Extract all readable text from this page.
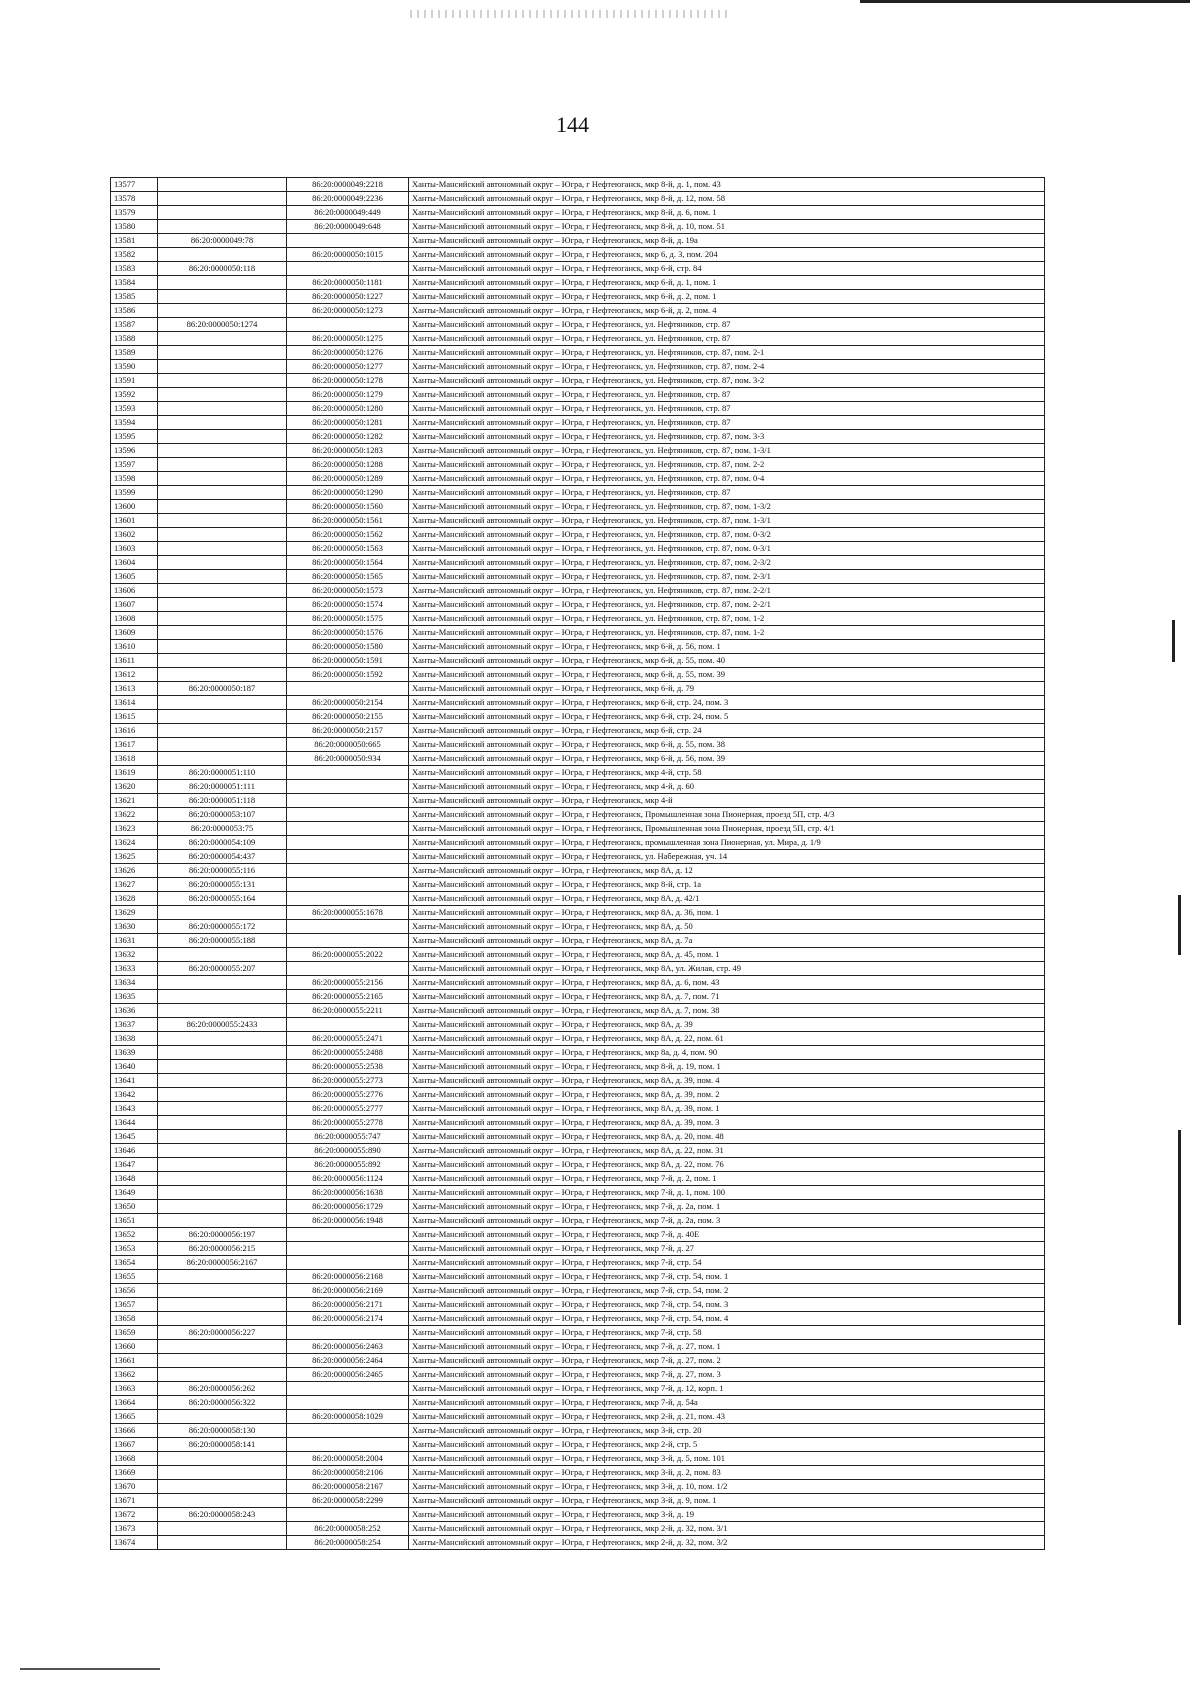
144
13577		86:20:0000049:2218	Ханты-Мансийский автономный округ – Югра, г Нефтеюганск, мкр 8-й, д. 1, пом. 43
13578		86:20:0000049:2236	Ханты-Мансийский автономный округ – Югра, г Нефтеюганск, мкр 8-й, д. 12, пом. 58
13579		86:20:0000049:449	Ханты-Мансийский автономный округ – Югра, г Нефтеюганск, мкр 8-й, д. 6, пом. 1
13580		86:20:0000049:648	Ханты-Мансийский автономный округ – Югра, г Нефтеюганск, мкр 8-й, д. 10, пом. 51
13581	86:20:0000049:78		Ханты-Мансийский автономный округ – Югра, г Нефтеюганск, мкр 8-й, д. 19а
13582		86:20:0000050:1015	Ханты-Мансийский автономный округ – Югра, г Нефтеюганск, мкр 6, д. 3, пом. 204
13583	86:20:0000050:118		Ханты-Мансийский автономный округ – Югра, г Нефтеюганск, мкр 6-й, стр. 84
13584		86:20:0000050:1181	Ханты-Мансийский автономный округ – Югра, г Нефтеюганск, мкр 6-й, д. 1, пом. 1
13585		86:20:0000050:1227	Ханты-Мансийский автономный округ – Югра, г Нефтеюганск, мкр 6-й, д. 2, пом. 1
13586		86:20:0000050:1273	Ханты-Мансийский автономный округ – Югра, г Нефтеюганск, мкр 6-й, д. 2, пом. 4
13587	86:20:0000050:1274		Ханты-Мансийский автономный округ – Югра, г Нефтеюганск, ул. Нефтяников, стр. 87
13588		86:20:0000050:1275	Ханты-Мансийский автономный округ – Югра, г Нефтеюганск, ул. Нефтяников, стр. 87
13589		86:20:0000050:1276	Ханты-Мансийский автономный округ – Югра, г Нефтеюганск, ул. Нефтяников, стр. 87, пом. 2-1
13590		86:20:0000050:1277	Ханты-Мансийский автономный округ – Югра, г Нефтеюганск, ул. Нефтяников, стр. 87, пом. 2-4
13591		86:20:0000050:1278	Ханты-Мансийский автономный округ – Югра, г Нефтеюганск, ул. Нефтяников, стр. 87, пом. 3-2
13592		86:20:0000050:1279	Ханты-Мансийский автономный округ – Югра, г Нефтеюганск, ул. Нефтяников, стр. 87
13593		86:20:0000050:1280	Ханты-Мансийский автономный округ – Югра, г Нефтеюганск, ул. Нефтяников, стр. 87
13594		86:20:0000050:1281	Ханты-Мансийский автономный округ – Югра, г Нефтеюганск, ул. Нефтяников, стр. 87
13595		86:20:0000050:1282	Ханты-Мансийский автономный округ – Югра, г Нефтеюганск, ул. Нефтяников, стр. 87, пом. 3-3
13596		86:20:0000050:1283	Ханты-Мансийский автономный округ – Югра, г Нефтеюганск, ул. Нефтяников, стр. 87, пом. 1-3/1
13597		86:20:0000050:1288	Ханты-Мансийский автономный округ – Югра, г Нефтеюганск, ул. Нефтяников, стр. 87, пом. 2-2
13598		86:20:0000050:1289	Ханты-Мансийский автономный округ – Югра, г Нефтеюганск, ул. Нефтяников, стр. 87, пом. 0-4
13599		86:20:0000050:1290	Ханты-Мансийский автономный округ – Югра, г Нефтеюганск, ул. Нефтяников, стр. 87
13600		86:20:0000050:1560	Ханты-Мансийский автономный округ – Югра, г Нефтеюганск, ул. Нефтяников, стр. 87, пом. 1-3/2
13601		86:20:0000050:1561	Ханты-Мансийский автономный округ – Югра, г Нефтеюганск, ул. Нефтяников, стр. 87, пом. 1-3/1
13602		86:20:0000050:1562	Ханты-Мансийский автономный округ – Югра, г Нефтеюганск, ул. Нефтяников, стр. 87, пом. 0-3/2
13603		86:20:0000050:1563	Ханты-Мансийский автономный округ – Югра, г Нефтеюганск, ул. Нефтяников, стр. 87, пом. 0-3/1
13604		86:20:0000050:1564	Ханты-Мансийский автономный округ – Югра, г Нефтеюганск, ул. Нефтяников, стр. 87, пом. 2-3/2
13605		86:20:0000050:1565	Ханты-Мансийский автономный округ – Югра, г Нефтеюганск, ул. Нефтяников, стр. 87, пом. 2-3/1
13606		86:20:0000050:1573	Ханты-Мансийский автономный округ – Югра, г Нефтеюганск, ул. Нефтяников, стр. 87, пом. 2-2/1
13607		86:20:0000050:1574	Ханты-Мансийский автономный округ – Югра, г Нефтеюганск, ул. Нефтяников, стр. 87, пом. 2-2/1
13608		86:20:0000050:1575	Ханты-Мансийский автономный округ – Югра, г Нефтеюганск, ул. Нефтяников, стр. 87, пом. 1-2
13609		86:20:0000050:1576	Ханты-Мансийский автономный округ – Югра, г Нефтеюганск, ул. Нефтяников, стр. 87, пом. 1-2
13610		86:20:0000050:1580	Ханты-Мансийский автономный округ – Югра, г Нефтеюганск, мкр 6-й, д. 56, пом. 1
13611		86:20:0000050:1591	Ханты-Мансийский автономный округ – Югра, г Нефтеюганск, мкр 6-й, д. 55, пом. 40
13612		86:20:0000050:1592	Ханты-Мансийский автономный округ – Югра, г Нефтеюганск, мкр 6-й, д. 55, пом. 39
13613	86:20:0000050:187		Ханты-Мансийский автономный округ – Югра, г Нефтеюганск, мкр 6-й, д. 79
13614		86:20:0000050:2154	Ханты-Мансийский автономный округ – Югра, г Нефтеюганск, мкр 6-й, стр. 24, пом. 3
13615		86:20:0000050:2155	Ханты-Мансийский автономный округ – Югра, г Нефтеюганск, мкр 6-й, стр. 24, пом. 5
13616		86:20:0000050:2157	Ханты-Мансийский автономный округ – Югра, г Нефтеюганск, мкр 6-й, стр. 24
13617		86:20:0000050:665	Ханты-Мансийский автономный округ – Югра, г Нефтеюганск, мкр 6-й, д. 55, пом. 38
13618		86:20:0000050:934	Ханты-Мансийский автономный округ – Югра, г Нефтеюганск, мкр 6-й, д. 56, пом. 39
13619	86:20:0000051:110		Ханты-Мансийский автономный округ – Югра, г Нефтеюганск, мкр 4-й, стр. 58
13620	86:20:0000051:111		Ханты-Мансийский автономный округ – Югра, г Нефтеюганск, мкр 4-й, д. 60
13621	86:20:0000051:118		Ханты-Мансийский автономный округ – Югра, г Нефтеюганск, мкр 4-й
13622	86:20:0000053:107		Ханты-Мансийский автономный округ – Югра, г Нефтеюганск, Промышленная зона Пионерная, проезд 5П, стр. 4/3
13623	86:20:0000053:75		Ханты-Мансийский автономный округ – Югра, г Нефтеюганск, Промышленная зона Пионерная, проезд 5П, стр. 4/1
13624	86:20:0000054:109		Ханты-Мансийский автономный округ – Югра, г Нефтеюганск, промышленная зона Пионерная, ул. Мира, д. 1/9
13625	86:20:0000054:437		Ханты-Мансийский автономный округ – Югра, г Нефтеюганск, ул. Набережная, уч. 14
13626	86:20:0000055:116		Ханты-Мансийский автономный округ – Югра, г Нефтеюганск, мкр 8А, д. 12
13627	86:20:0000055:131		Ханты-Мансийский автономный округ – Югра, г Нефтеюганск, мкр 8-й, стр. 1а
13628	86:20:0000055:164		Ханты-Мансийский автономный округ – Югра, г Нефтеюганск, мкр 8А, д. 42/1
13629		86:20:0000055:1678	Ханты-Мансийский автономный округ – Югра, г Нефтеюганск, мкр 8А, д. 36, пом. 1
13630	86:20:0000055:172		Ханты-Мансийский автономный округ – Югра, г Нефтеюганск, мкр 8А, д. 50
13631	86:20:0000055:188		Ханты-Мансийский автономный округ – Югра, г Нефтеюганск, мкр 8А, д. 7а
13632		86:20:0000055:2022	Ханты-Мансийский автономный округ – Югра, г Нефтеюганск, мкр 8А, д. 45, пом. 1
13633	86:20:0000055:207		Ханты-Мансийский автономный округ – Югра, г Нефтеюганск, мкр 8А, ул. Жилая, стр. 49
13634		86:20:0000055:2156	Ханты-Мансийский автономный округ – Югра, г Нефтеюганск, мкр 8А, д. 6, пом. 43
13635		86:20:0000055:2165	Ханты-Мансийский автономный округ – Югра, г Нефтеюганск, мкр 8А, д. 7, пом. 71
13636		86:20:0000055:2211	Ханты-Мансийский автономный округ – Югра, г Нефтеюганск, мкр 8А, д. 7, пом. 38
13637	86:20:0000055:2433		Ханты-Мансийский автономный округ – Югра, г Нефтеюганск, мкр 8А, д. 39
13638		86:20:0000055:2471	Ханты-Мансийский автономный округ – Югра, г Нефтеюганск, мкр 8А, д. 22, пом. 61
13639		86:20:0000055:2488	Ханты-Мансийский автономный округ – Югра, г Нефтеюганск, мкр 8а, д. 4, пом. 90
13640		86:20:0000055:2538	Ханты-Мансийский автономный округ – Югра, г Нефтеюганск, мкр 8-й, д. 19, пом. 1
13641		86:20:0000055:2773	Ханты-Мансийский автономный округ – Югра, г Нефтеюганск, мкр 8А, д. 39, пом. 4
13642		86:20:0000055:2776	Ханты-Мансийский автономный округ – Югра, г Нефтеюганск, мкр 8А, д. 39, пом. 2
13643		86:20:0000055:2777	Ханты-Мансийский автономный округ – Югра, г Нефтеюганск, мкр 8А, д. 39, пом. 1
13644		86:20:0000055:2778	Ханты-Мансийский автономный округ – Югра, г Нефтеюганск, мкр 8А, д. 39, пом. 3
13645		86:20:0000055:747	Ханты-Мансийский автономный округ – Югра, г Нефтеюганск, мкр 8А, д. 20, пом. 48
13646		86:20:0000055:890	Ханты-Мансийский автономный округ – Югра, г Нефтеюганск, мкр 8А, д. 22, пом. 31
13647		86:20:0000055:892	Ханты-Мансийский автономный округ – Югра, г Нефтеюганск, мкр 8А, д. 22, пом. 76
13648		86:20:0000056:1124	Ханты-Мансийский автономный округ – Югра, г Нефтеюганск, мкр 7-й, д. 2, пом. 1
13649		86:20:0000056:1638	Ханты-Мансийский автономный округ – Югра, г Нефтеюганск, мкр 7-й, д. 1, пом. 100
13650		86:20:0000056:1729	Ханты-Мансийский автономный округ – Югра, г Нефтеюганск, мкр 7-й, д. 2а, пом. 1
13651		86:20:0000056:1948	Ханты-Мансийский автономный округ – Югра, г Нефтеюганск, мкр 7-й, д. 2а, пом. 3
13652	86:20:0000056:197		Ханты-Мансийский автономный округ – Югра, г Нефтеюганск, мкр 7-й, д. 40Е
13653	86:20:0000056:215		Ханты-Мансийский автономный округ – Югра, г Нефтеюганск, мкр 7-й, д. 27
13654	86:20:0000056:2167		Ханты-Мансийский автономный округ – Югра, г Нефтеюганск, мкр 7-й, стр. 54
13655		86:20:0000056:2168	Ханты-Мансийский автономный округ – Югра, г Нефтеюганск, мкр 7-й, стр. 54, пом. 1
13656		86:20:0000056:2169	Ханты-Мансийский автономный округ – Югра, г Нефтеюганск, мкр 7-й, стр. 54, пом. 2
13657		86:20:0000056:2171	Ханты-Мансийский автономный округ – Югра, г Нефтеюганск, мкр 7-й, стр. 54, пом. 3
13658		86:20:0000056:2174	Ханты-Мансийский автономный округ – Югра, г Нефтеюганск, мкр 7-й, стр. 54, пом. 4
13659	86:20:0000056:227		Ханты-Мансийский автономный округ – Югра, г Нефтеюганск, мкр 7-й, стр. 58
13660		86:20:0000056:2463	Ханты-Мансийский автономный округ – Югра, г Нефтеюганск, мкр 7-й, д. 27, пом. 1
13661		86:20:0000056:2464	Ханты-Мансийский автономный округ – Югра, г Нефтеюганск, мкр 7-й, д. 27, пом. 2
13662		86:20:0000056:2465	Ханты-Мансийский автономный округ – Югра, г Нефтеюганск, мкр 7-й, д. 27, пом. 3
13663	86:20:0000056:262		Ханты-Мансийский автономный округ – Югра, г Нефтеюганск, мкр 7-й, д. 12, корп. 1
13664	86:20:0000056:322		Ханты-Мансийский автономный округ – Югра, г Нефтеюганск, мкр 7-й, д. 54а
13665		86:20:0000058:1029	Ханты-Мансийский автономный округ – Югра, г Нефтеюганск, мкр 2-й, д. 21, пом. 43
13666	86:20:0000058:130		Ханты-Мансийский автономный округ – Югра, г Нефтеюганск, мкр 3-й, стр. 20
13667	86:20:0000058:141		Ханты-Мансийский автономный округ – Югра, г Нефтеюганск, мкр 2-й, стр. 5
13668		86:20:0000058:2004	Ханты-Мансийский автономный округ – Югра, г Нефтеюганск, мкр 3-й, д. 5, пом. 101
13669		86:20:0000058:2106	Ханты-Мансийский автономный округ – Югра, г Нефтеюганск, мкр 3-й, д. 2, пом. 83
13670		86:20:0000058:2167	Ханты-Мансийский автономный округ – Югра, г Нефтеюганск, мкр 3-й, д. 10, пом. 1/2
13671		86:20:0000058:2299	Ханты-Мансийский автономный округ – Югра, г Нефтеюганск, мкр 3-й, д. 9, пом. 1
13672	86:20:0000058:243		Ханты-Мансийский автономный округ – Югра, г Нефтеюганск, мкр 3-й, д. 19
13673		86:20:0000058:252	Ханты-Мансийский автономный округ – Югра, г Нефтеюганск, мкр 2-й, д. 32, пом. 3/1
13674		86:20:0000058:254	Ханты-Мансийский автономный округ – Югра, г Нефтеюганск, мкр 2-й, д. 32, пом. 3/2
